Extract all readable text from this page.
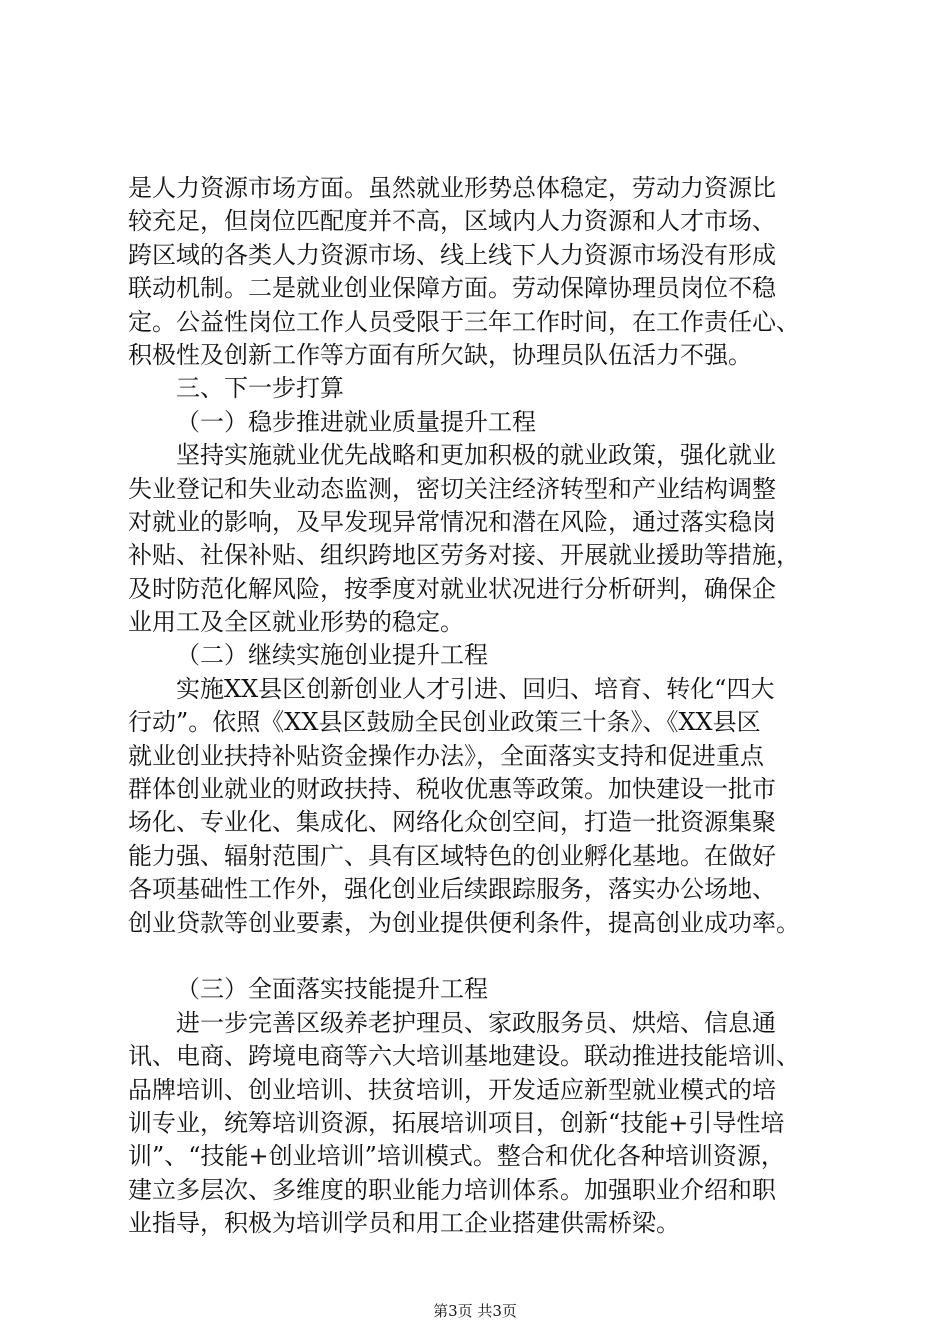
是人力资源市场方面。虽然就业形势总体稳定，劳动力资源比
较充足，但岗位匹配度并不高，区域内人力资源和人才市场、
跨区域的各类人力资源市场、线上线下人力资源市场没有形成
联动机制。二是就业创业保障方面。劳动保障协理员岗位不稳
定。公益性岗位工作人员受限于三年工作时间，在工作责任心、
积极性及创新工作等方面有所欠缺，协理员队伍活力不强。
三、下一步打算
（一）稳步推进就业质量提升工程
坚持实施就业优先战略和更加积极的就业政策，强化就业
失业登记和失业动态监测，密切关注经济转型和产业结构调整
对就业的影响，及早发现异常情况和潜在风险，通过落实稳岗
补贴、社保补贴、组织跨地区劳务对接、开展就业援助等措施，
及时防范化解风险，按季度对就业状况进行分析研判，确保企
业用工及全区就业形势的稳定。
（二）继续实施创业提升工程
实施XX县区创新创业人才引进、回归、培育、转化“四大
行动”。依照《XX县区鼓励全民创业政策三十条》、《XX县区
就业创业扶持补贴资金操作办法》，全面落实支持和促进重点
群体创业就业的财政扶持、税收优惠等政策。加快建设一批市
场化、专业化、集成化、网络化众创空间，打造一批资源集聚
能力强、辐射范围广、具有区域特色的创业孵化基地。在做好
各项基础性工作外，强化创业后续跟踪服务，落实办公场地、
创业贷款等创业要素，为创业提供便利条件，提高创业成功率。
（三）全面落实技能提升工程
进一步完善区级养老护理员、家政服务员、烘焙、信息通
讯、电商、跨境电商等六大培训基地建设。联动推进技能培训、
品牌培训、创业培训、扶贫培训，开发适应新型就业模式的培
训专业，统筹培训资源，拓展培训项目，创新“技能+引导性培
训”、“技能+创业培训”培训模式。整合和优化各种培训资源，
建立多层次、多维度的职业能力培训体系。加强职业介绍和职
业指导，积极为培训学员和用工企业搭建供需桥梁。
第3页 共3页
